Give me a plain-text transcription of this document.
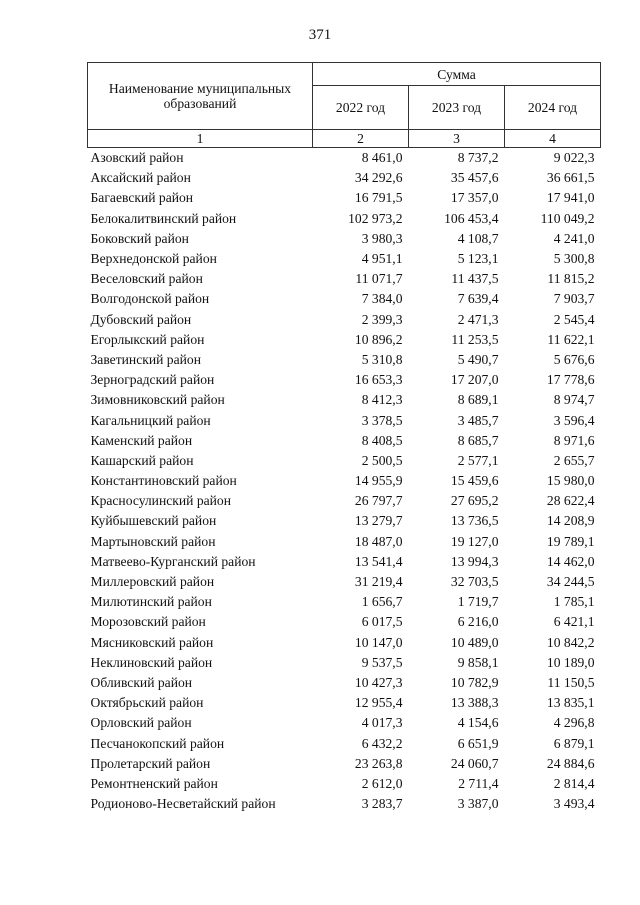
371
Наименование муниципальных образований	Сумма		
	2022 год	2023 год	2024 год
1	2	3	4
Азовский район	8 461,0	8 737,2	9 022,3
Аксайский район	34 292,6	35 457,6	36 661,5
Багаевский район	16 791,5	17 357,0	17 941,0
Белокалитвинский район	102 973,2	106 453,4	110 049,2
Боковский район	3 980,3	4 108,7	4 241,0
Верхнедонской район	4 951,1	5 123,1	5 300,8
Веселовский район	11 071,7	11 437,5	11 815,2
Волгодонской район	7 384,0	7 639,4	7 903,7
Дубовский район	2 399,3	2 471,3	2 545,4
Егорлыкский район	10 896,2	11 253,5	11 622,1
Заветинский район	5 310,8	5 490,7	5 676,6
Зерноградский район	16 653,3	17 207,0	17 778,6
Зимовниковский район	8 412,3	8 689,1	8 974,7
Кагальницкий район	3 378,5	3 485,7	3 596,4
Каменский район	8 408,5	8 685,7	8 971,6
Кашарский район	2 500,5	2 577,1	2 655,7
Константиновский район	14 955,9	15 459,6	15 980,0
Красносулинский район	26 797,7	27 695,2	28 622,4
Куйбышевский район	13 279,7	13 736,5	14 208,9
Мартыновский район	18 487,0	19 127,0	19 789,1
Матвеево-Курганский район	13 541,4	13 994,3	14 462,0
Миллеровский район	31 219,4	32 703,5	34 244,5
Милютинский район	1 656,7	1 719,7	1 785,1
Морозовский район	6 017,5	6 216,0	6 421,1
Мясниковский район	10 147,0	10 489,0	10 842,2
Неклиновский район	9 537,5	9 858,1	10 189,0
Обливский район	10 427,3	10 782,9	11 150,5
Октябрьский район	12 955,4	13 388,3	13 835,1
Орловский район	4 017,3	4 154,6	4 296,8
Песчанокопский район	6 432,2	6 651,9	6 879,1
Пролетарский район	23 263,8	24 060,7	24 884,6
Ремонтненский район	2 612,0	2 711,4	2 814,4
Родионово-Несветайский район	3 283,7	3 387,0	3 493,4
